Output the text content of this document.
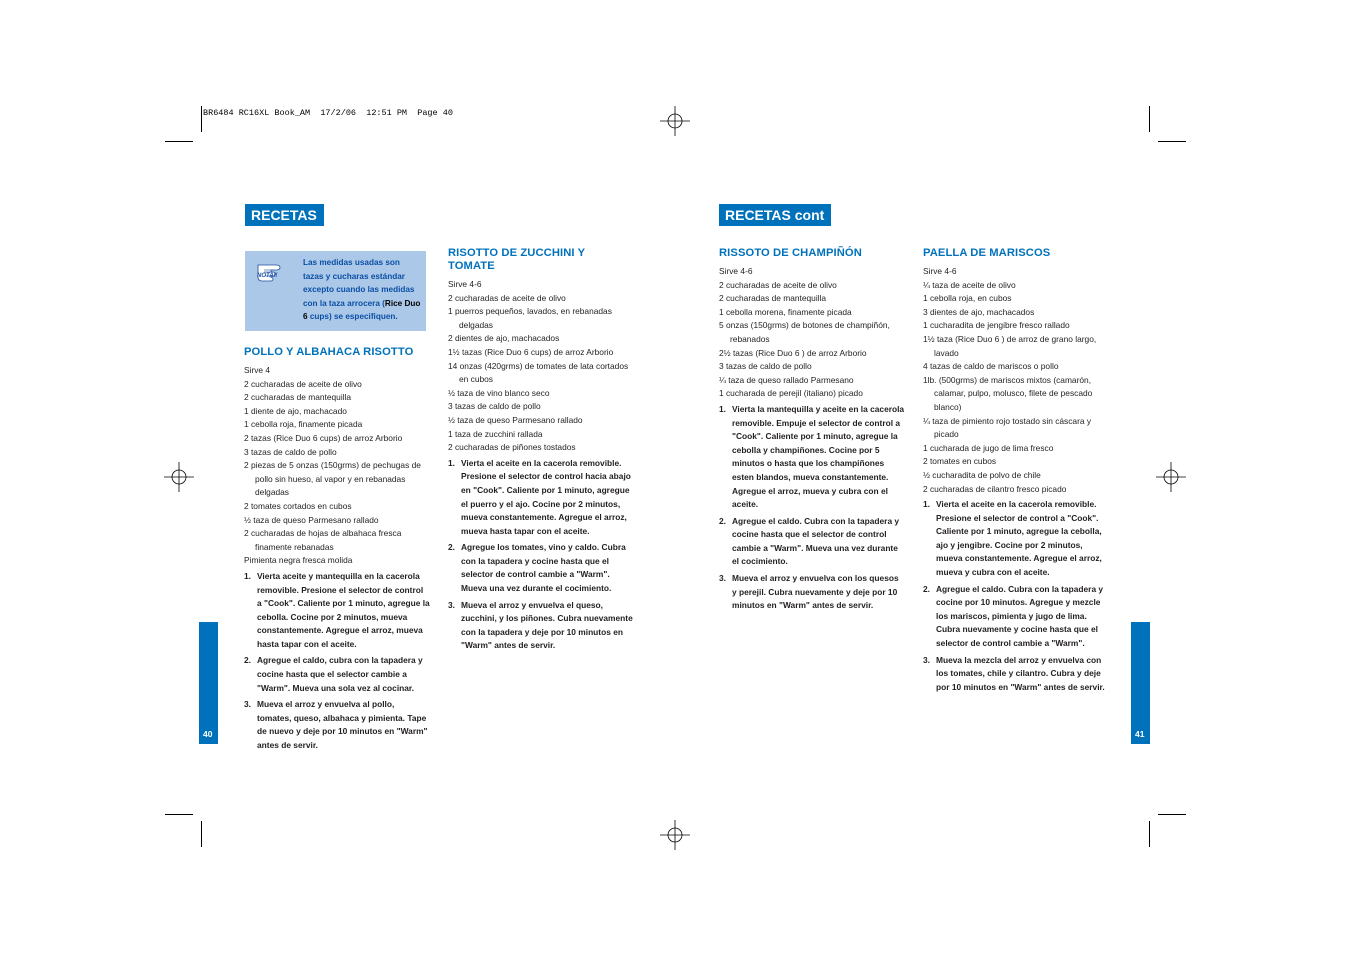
BR6484 RC16XL Book_AM  17/2/06  12:51 PM  Page 40
RECETAS	RECETAS cont
NOTA!!
Las medidas usadas son tazas y cucharas estándar excepto cuando las medidas con la taza arrocera (Rice Duo 6 cups) se especifiquen.
POLLO Y ALBAHACA RISOTTO

Sirve 4

2 cucharadas de aceite de olivo
2 cucharadas de mantequilla
1 diente de ajo, machacado
1 cebolla roja, finamente picada
2 tazas (Rice Duo 6 cups) de arroz Arborio
3 tazas de caldo de pollo
2 piezas de 5 onzas (150grms) de pechugas de pollo sin hueso, al vapor y en rebanadas delgadas
2 tomates cortados en cubos
½ taza de queso Parmesano rallado
2 cucharadas de hojas de albahaca fresca finamente rebanadas
Pimienta negra fresca molida
1. Vierta aceite y mantequilla en la cacerola removible. Presione el selector de control a "Cook". Caliente por 1 minuto, agregue la cebolla. Cocine por 2 minutos, mueva constantemente. Agregue el arroz, mueva hasta tapar con el aceite.
2. Agregue el caldo, cubra con la tapadera y cocine hasta que el selector cambie a "Warm". Mueva una sola vez al cocinar.
3. Mueva el arroz y envuelva al pollo, tomates, queso, albahaca y pimienta. Tape de nuevo y deje por 10 minutos en "Warm" antes de servir.
RISOTTO DE ZUCCHINI Y TOMATE

Sirve 4-6

2 cucharadas de aceite de olivo
1 puerros pequeños, lavados, en rebanadas delgadas
2 dientes de ajo, machacados
1½ tazas (Rice Duo 6 cups) de arroz Arborio
14 onzas (420grms) de tomates de lata cortados en cubos
½ taza de vino blanco seco
3 tazas de caldo de pollo
½ taza de queso Parmesano rallado
1 taza de zucchini rallada
2 cucharadas de piñones tostados
1. Vierta el aceite en la cacerola removible. Presione el selector de control hacia abajo en "Cook". Caliente por 1 minuto, agregue el puerro y el ajo. Cocine por 2 minutos, mueva constantemente. Agregue el arroz, mueva hasta tapar con el aceite.
2. Agregue los tomates, vino y caldo. Cubra con la tapadera y cocine hasta que el selector de control cambie a "Warm". Mueva una vez durante el cocimiento.
3. Mueva el arroz y envuelva el queso, zucchini, y los piñones. Cubra nuevamente con la tapadera y deje por 10 minutos en "Warm" antes de servir.
RISSOTO DE CHAMPIÑÓN

Sirve 4-6

2 cucharadas de aceite de olivo
2 cucharadas de mantequilla
1 cebolla morena, finamente picada
5 onzas (150grms) de botones de champiñón, rebanados
2½ tazas (Rice Duo 6 ) de arroz Arborio
3 tazas de caldo de pollo
¼ taza de queso rallado Parmesano
1 cucharada de perejil (italiano) picado
1. Vierta la mantequilla y aceite en la cacerola removible. Empuje el selector de control a "Cook". Caliente por 1 minuto, agregue la cebolla y champiñones. Cocine por 5 minutos o hasta que los champiñones esten blandos, mueva constantemente. Agregue el arroz, mueva y cubra con el aceite.
2. Agregue el caldo. Cubra con la tapadera y cocine hasta que el selector de control cambie a "Warm". Mueva una vez durante el cocimiento.
3. Mueva el arroz y envuelva con los quesos y perejil. Cubra nuevamente y deje por 10 minutos en "Warm" antes de servir.
PAELLA DE MARISCOS

Sirve 4-6

¼ taza de aceite de olivo
1 cebolla roja, en cubos
3 dientes de ajo, machacados
1 cucharadita de jengibre fresco rallado
1½ taza (Rice Duo 6 ) de arroz de grano largo, lavado
4 tazas de caldo de mariscos o pollo
1lb. (500grms) de mariscos mixtos (camarón, calamar, pulpo, molusco, filete de pescado blanco)
¼ taza de pimiento rojo tostado sin cáscara y picado
1 cucharada de jugo de lima fresco
2 tomates en cubos
½ cucharadita de polvo de chile
2 cucharadas de cilantro fresco picado
1. Vierta el aceite en la cacerola removible. Presione el selector de control a "Cook". Caliente por 1 minuto, agregue la cebolla, ajo y jengibre. Cocine por 2 minutos, mueva constantemente. Agregue el arroz, mueva y cubra con el aceite.
2. Agregue el caldo. Cubra con la tapadera y cocine por 10 minutos. Agregue y mezcle los mariscos, pimienta y jugo de lima. Cubra nuevamente y cocine hasta que el selector de control cambie a "Warm".
3. Mueva la mezcla del arroz y envuelva con los tomates, chile y cilantro. Cubra y deje por 10 minutos en "Warm" antes de servir.
40	41
